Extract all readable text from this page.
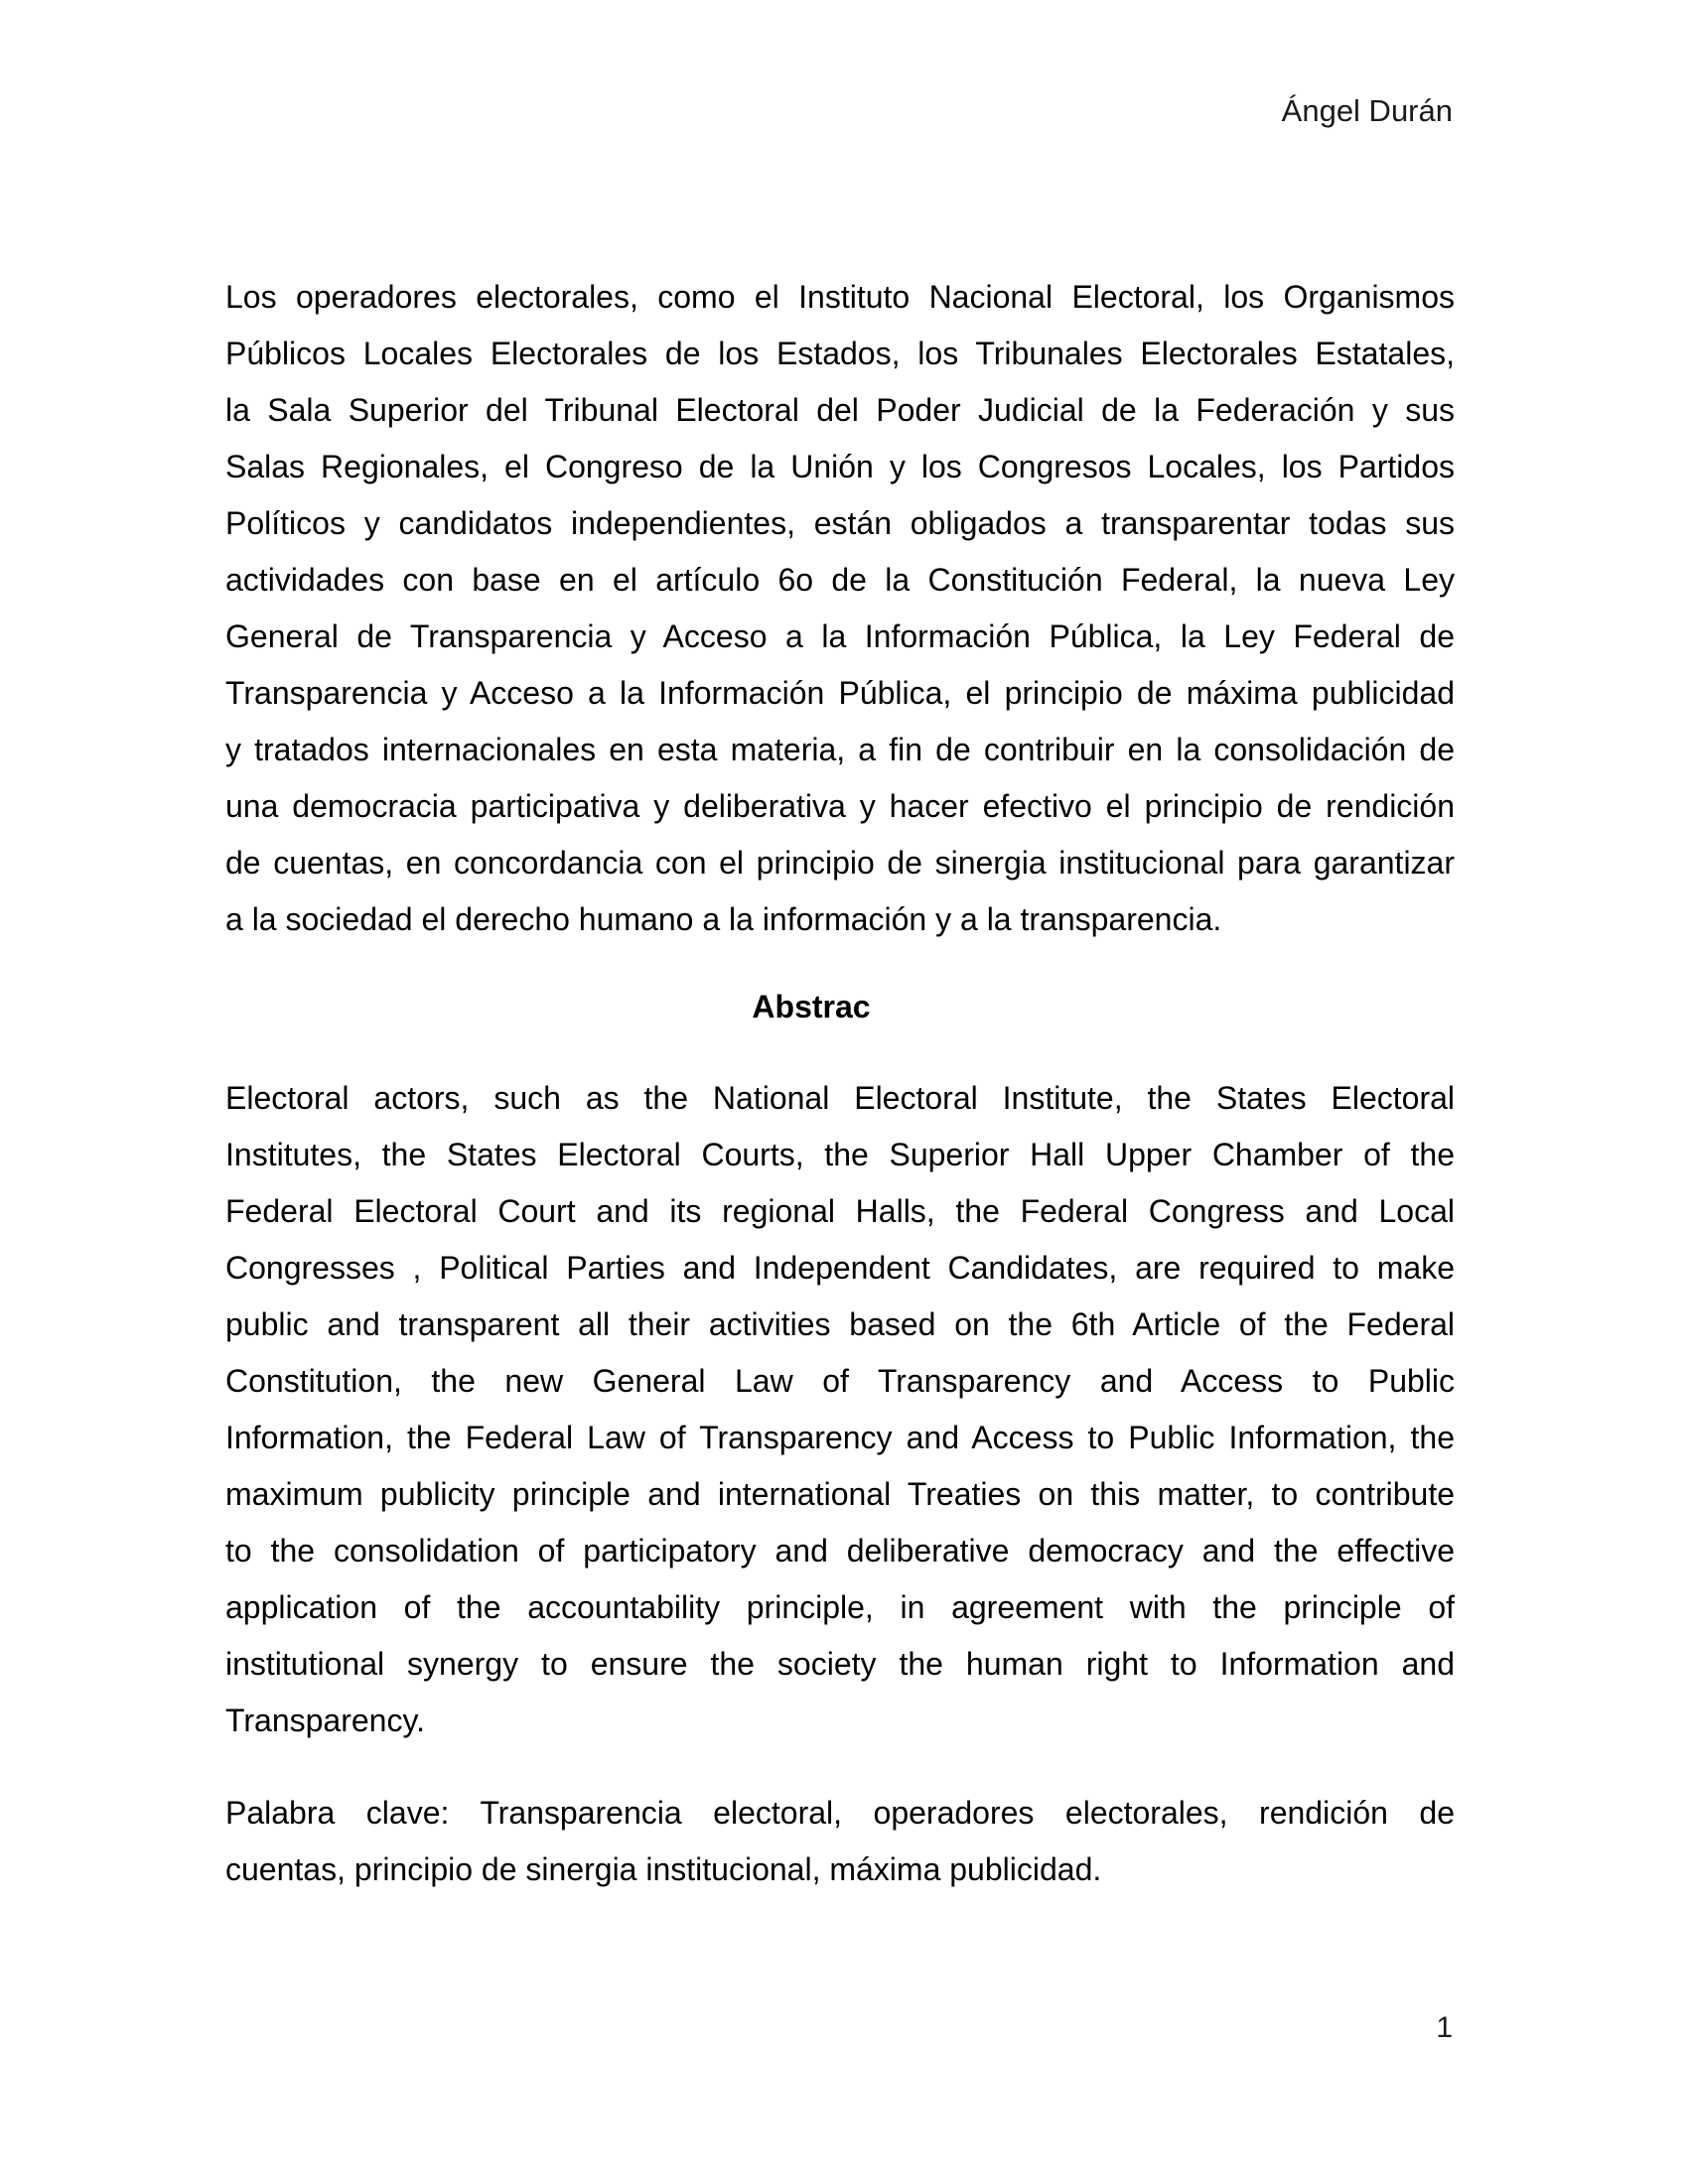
Ángel Durán
Los operadores electorales, como el Instituto Nacional Electoral, los Organismos
Públicos Locales Electorales de los Estados, los Tribunales Electorales Estatales,
la Sala Superior del Tribunal Electoral del Poder Judicial de la Federación y sus
Salas Regionales, el Congreso de la Unión y los Congresos Locales, los Partidos
Políticos y candidatos independientes, están obligados a transparentar todas sus
actividades con base en el artículo 6o de la Constitución Federal, la nueva Ley
General de Transparencia y Acceso a la Información Pública, la Ley Federal de
Transparencia y Acceso a la Información Pública, el principio de máxima publicidad
y tratados internacionales en esta materia, a fin de contribuir en la consolidación de
una democracia participativa y deliberativa y hacer efectivo el principio de rendición
de cuentas, en concordancia con el principio de sinergia institucional para garantizar
a la sociedad el derecho humano a la información y a la transparencia.
Abstrac
Electoral actors, such as the National Electoral Institute, the States Electoral
Institutes, the States Electoral Courts, the Superior Hall Upper Chamber of the
Federal Electoral Court and its regional Halls, the Federal Congress and Local
Congresses , Political Parties and Independent Candidates, are required to make
public and transparent all their activities based on the 6th Article of the Federal
Constitution, the new General Law of Transparency and Access to Public
Information, the Federal Law of Transparency and Access to Public Information, the
maximum publicity principle and international Treaties on this matter, to contribute
to the consolidation of participatory and deliberative democracy and the effective
application of the accountability principle, in agreement with the principle of
institutional synergy to ensure the society the human right to Information and
Transparency.
Palabra clave: Transparencia electoral, operadores electorales, rendición de
cuentas, principio de sinergia institucional, máxima publicidad.
1
